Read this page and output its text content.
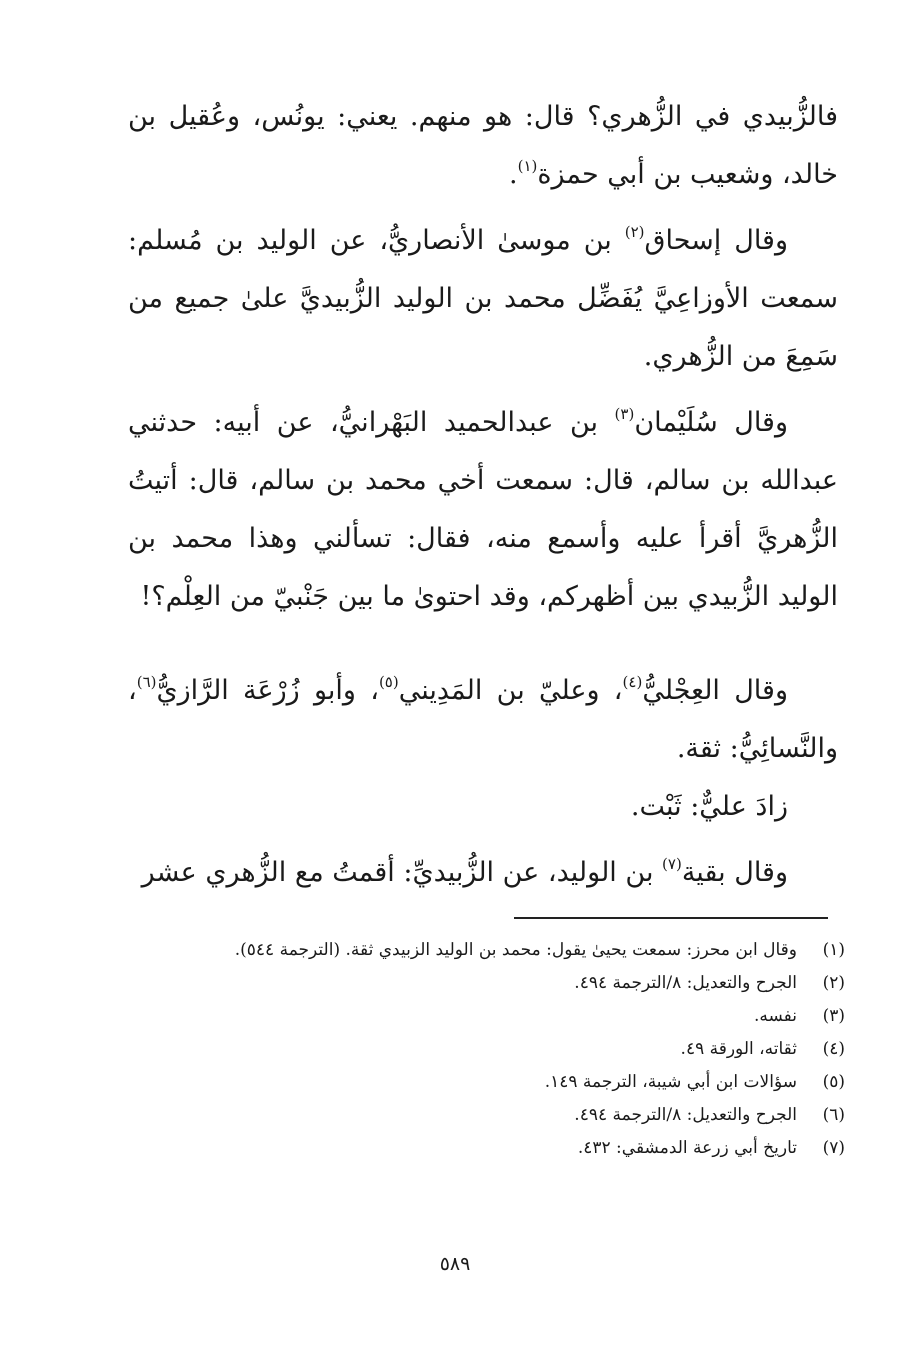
فالزُّبيدي في الزُّهري؟ قال: هو منهم. يعني: يونُس، وعُقيل بن خالد، وشعيب بن أبي حمزة$^{(١)}$.

وقال إسحاق$^{(٢)}$ بن موسىٰ الأنصاريُّ، عن الوليد بن مُسلم: سمعت الأوزاعِيَّ يُفَضِّل محمد بن الوليد الزُّبيديَّ علىٰ جميع من سَمِعَ من الزُّهري.

وقال سُلَيْمان$^{(٣)}$ بن عبدالحميد البَهْرانيُّ، عن أبيه: حدثني عبدالله بن سالم، قال: سمعت أخي محمد بن سالم، قال: أتيتُ الزُّهريَّ أقرأ عليه وأسمع منه، فقال: تسألني وهذا محمد بن الوليد الزُّبيدي بين أظهركم، وقد احتوىٰ ما بين جَنْبيّ من العِلْم؟!

وقال العِجْليُّ$^{(٤)}$، وعليّ بن المَدِيني$^{(٥)}$، وأبو زُرْعَة الرَّازيُّ$^{(٦)}$، والنَّسائِيُّ: ثقة.

زادَ عليٌّ: ثَبْت.

وقال بقية$^{(٧)}$ بن الوليد، عن الزُّبيديِّ: أقمتُ مع الزُّهري عشر

(١)
وقال ابن محرز: سمعت يحيىٰ يقول: محمد بن الوليد الزبيدي ثقة. (الترجمة ٥٤٤).
(٢)
الجرح والتعديل: ٨/الترجمة ٤٩٤.
(٣)
نفسه.
(٤)
ثقاته، الورقة ٤٩.
(٥)
سؤالات ابن أبي شيبة، الترجمة ١٤٩.
(٦)
الجرح والتعديل: ٨/الترجمة ٤٩٤.
(٧)
تاريخ أبي زرعة الدمشقي: ٤٣٢.
٥٨٩
